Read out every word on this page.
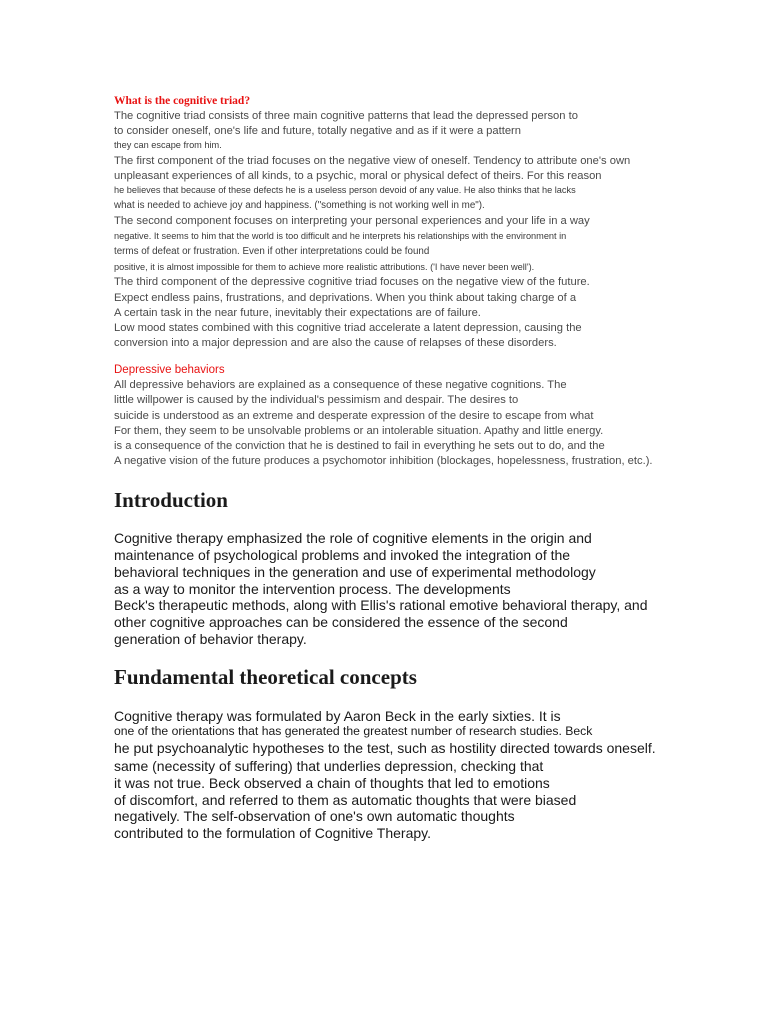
What is the cognitive triad?
The cognitive triad consists of three main cognitive patterns that lead the depressed person to
to consider oneself, one's life and future, totally negative and as if it were a pattern
they can escape from him.
The first component of the triad focuses on the negative view of oneself. Tendency to attribute one's own
unpleasant experiences of all kinds, to a psychic, moral or physical defect of theirs. For this reason
he believes that because of these defects he is a useless person devoid of any value. He also thinks that he lacks
what is needed to achieve joy and happiness. ("something is not working well in me").
The second component focuses on interpreting your personal experiences and your life in a way
negative. It seems to him that the world is too difficult and he interprets his relationships with the environment in
terms of defeat or frustration. Even if other interpretations could be found
positive, it is almost impossible for them to achieve more realistic attributions. ('I have never been well').
The third component of the depressive cognitive triad focuses on the negative view of the future.
Expect endless pains, frustrations, and deprivations. When you think about taking charge of a
A certain task in the near future, inevitably their expectations are of failure.
Low mood states combined with this cognitive triad accelerate a latent depression, causing the
conversion into a major depression and are also the cause of relapses of these disorders.
Depressive behaviors
All depressive behaviors are explained as a consequence of these negative cognitions. The
little willpower is caused by the individual's pessimism and despair. The desires to
suicide is understood as an extreme and desperate expression of the desire to escape from what
For them, they seem to be unsolvable problems or an intolerable situation. Apathy and little energy.
is a consequence of the conviction that he is destined to fail in everything he sets out to do, and the
A negative vision of the future produces a psychomotor inhibition (blockages, hopelessness, frustration, etc.).
Introduction
Cognitive therapy emphasized the role of cognitive elements in the origin and
maintenance of psychological problems and invoked the integration of the
behavioral techniques in the generation and use of experimental methodology
as a way to monitor the intervention process. The developments
Beck's therapeutic methods, along with Ellis's rational emotive behavioral therapy, and
other cognitive approaches can be considered the essence of the second
generation of behavior therapy.
Fundamental theoretical concepts
Cognitive therapy was formulated by Aaron Beck in the early sixties. It is
one of the orientations that has generated the greatest number of research studies. Beck
he put psychoanalytic hypotheses to the test, such as hostility directed towards oneself.
same (necessity of suffering) that underlies depression, checking that
it was not true. Beck observed a chain of thoughts that led to emotions
of discomfort, and referred to them as automatic thoughts that were biased
negatively. The self-observation of one's own automatic thoughts
contributed to the formulation of Cognitive Therapy.
